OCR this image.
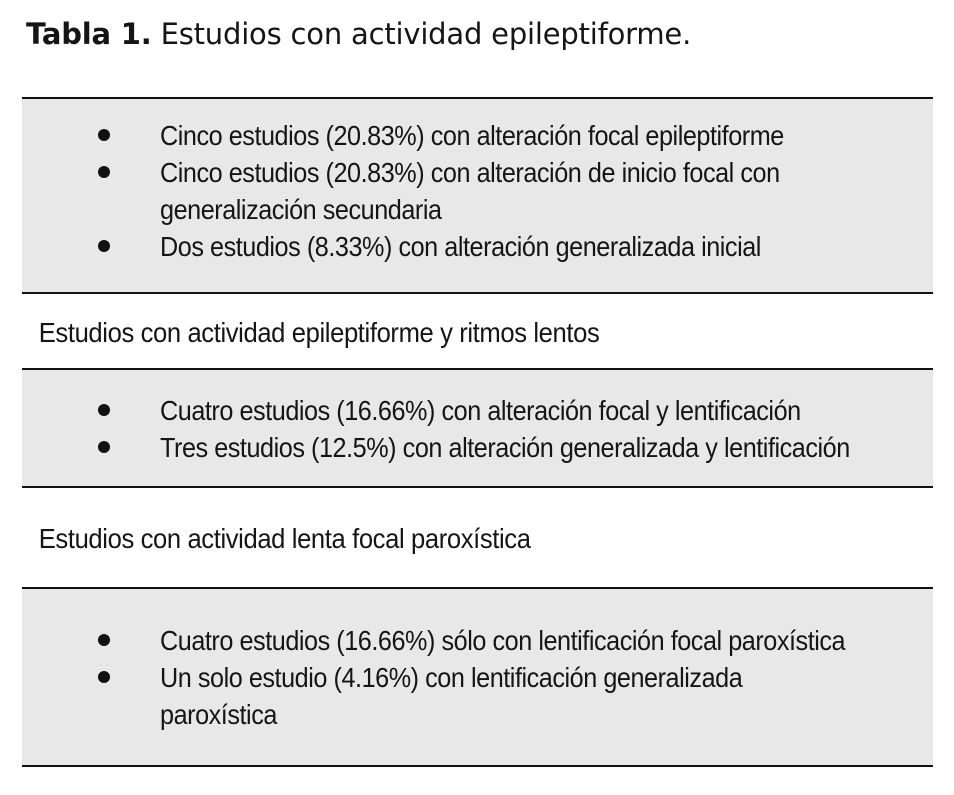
Tabla 1. Estudios con actividad epileptiforme.
Cinco estudios (20.83%) con alteración focal epileptiforme
Cinco estudios (20.83%) con alteración de inicio focal con
generalización secundaria
Dos estudios (8.33%) con alteración generalizada inicial
Estudios con actividad epileptiforme y ritmos lentos
Cuatro estudios (16.66%) con alteración focal y lentificación
Tres estudios (12.5%) con alteración generalizada y lentificación
Estudios con actividad lenta focal paroxística
Cuatro estudios (16.66%) sólo con lentificación focal paroxística
Un solo estudio (4.16%) con lentificación generalizada
paroxística
